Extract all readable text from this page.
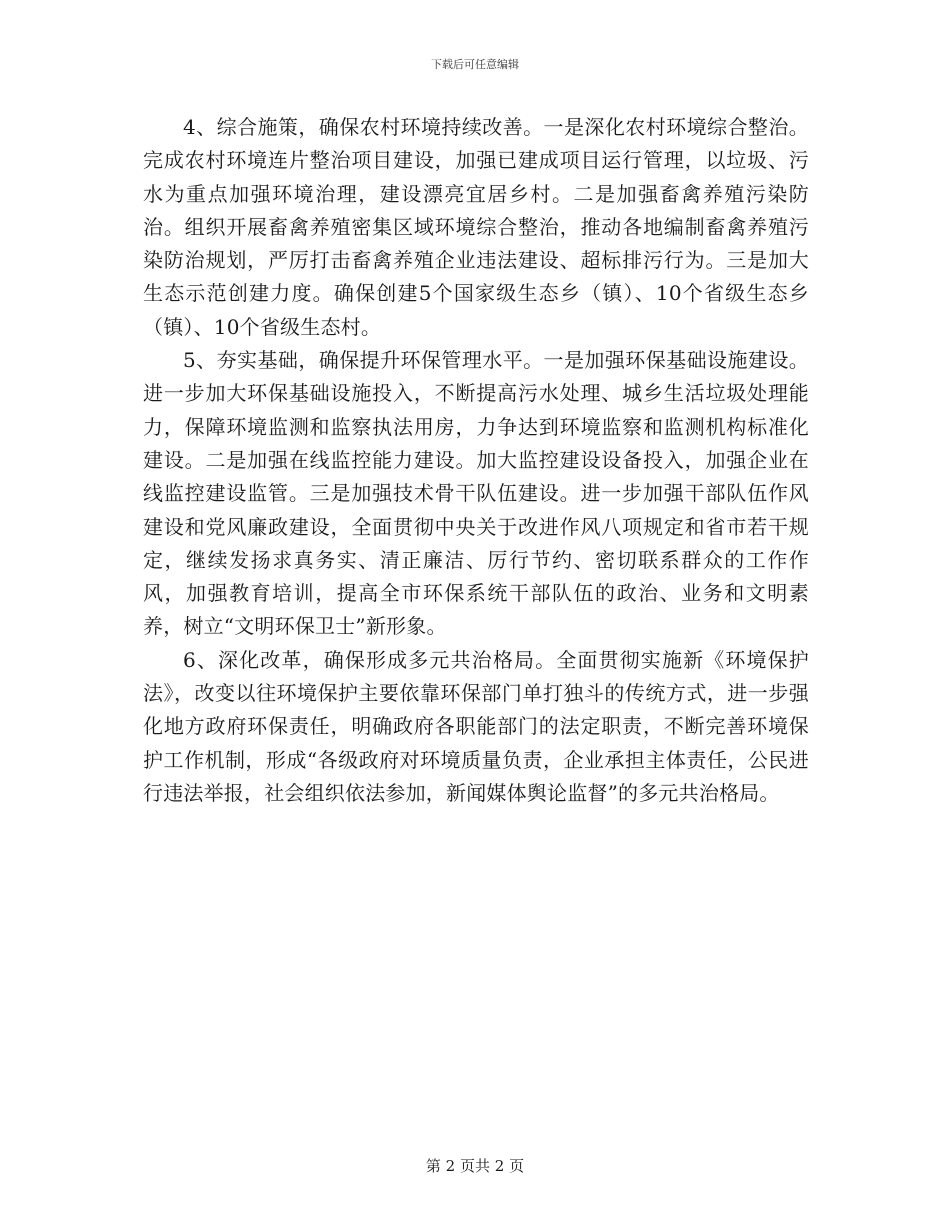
下载后可任意编辑

4、综合施策，确保农村环境持续改善。一是深化农村环境综合整治。完成农村环境连片整治项目建设，加强已建成项目运行管理，以垃圾、污水为重点加强环境治理，建设漂亮宜居乡村。二是加强畜禽养殖污染防治。组织开展畜禽养殖密集区域环境综合整治，推动各地编制畜禽养殖污染防治规划，严厉打击畜禽养殖企业违法建设、超标排污行为。三是加大生态示范创建力度。确保创建5个国家级生态乡（镇）、10个省级生态乡（镇）、10个省级生态村。

5、夯实基础，确保提升环保管理水平。一是加强环保基础设施建设。进一步加大环保基础设施投入，不断提高污水处理、城乡生活垃圾处理能力，保障环境监测和监察执法用房，力争达到环境监察和监测机构标准化建设。二是加强在线监控能力建设。加大监控建设设备投入，加强企业在线监控建设监管。三是加强技术骨干队伍建设。进一步加强干部队伍作风建设和党风廉政建设，全面贯彻中央关于改进作风八项规定和省市若干规定，继续发扬求真务实、清正廉洁、厉行节约、密切联系群众的工作作风，加强教育培训，提高全市环保系统干部队伍的政治、业务和文明素养，树立“文明环保卫士”新形象。

6、深化改革，确保形成多元共治格局。全面贯彻实施新《环境保护法》，改变以往环境保护主要依靠环保部门单打独斗的传统方式，进一步强化地方政府环保责任，明确政府各职能部门的法定职责，不断完善环境保护工作机制，形成“各级政府对环境质量负责，企业承担主体责任，公民进行违法举报，社会组织依法参加，新闻媒体舆论监督”的多元共治格局。

第 2 页共 2 页
